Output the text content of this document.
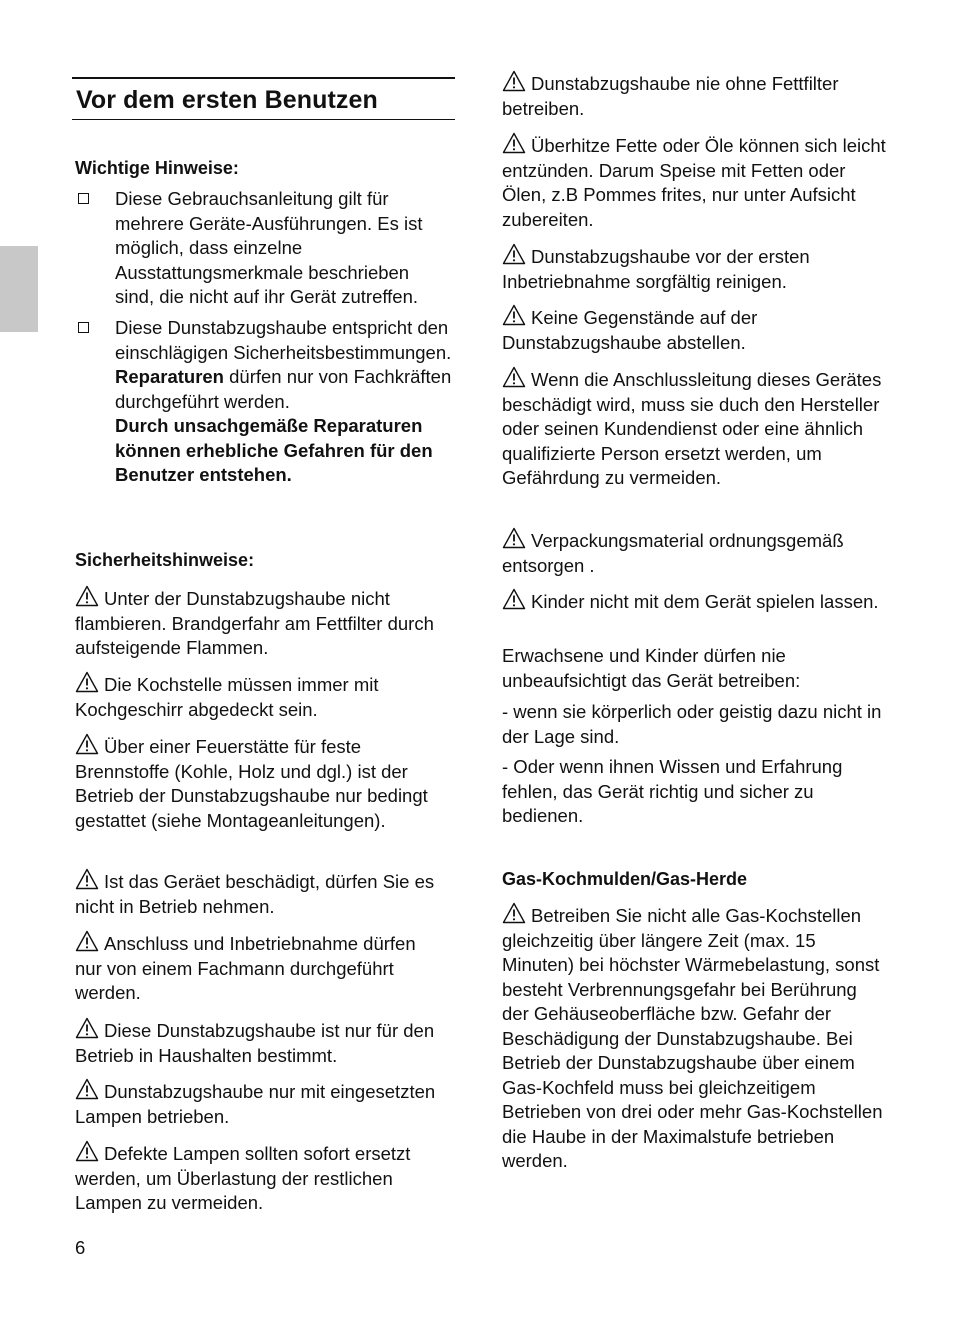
Vor dem ersten Benutzen
Wichtige Hinweise:
Diese Gebrauchsanleitung gilt für mehrere Geräte-Ausführungen. Es ist möglich, dass einzelne Ausstattungsmerkmale beschrieben sind, die nicht auf ihr Gerät zutreffen.
Diese Dunstabzugshaube entspricht den einschlägigen Sicherheitsbestimmungen.
Reparaturen dürfen nur von Fachkräften durchgeführt werden.
Durch unsachgemäße Reparaturen können erhebliche Gefahren für den Benutzer entstehen.
Sicherheitshinweise:
Unter der Dunstabzugshaube nicht flambieren. Brandgerfahr am Fettfilter durch aufsteigende Flammen.
Die Kochstelle müssen immer mit Kochgeschirr abgedeckt sein.
Über einer Feuerstätte für feste Brennstoffe (Kohle, Holz und dgl.) ist der Betrieb der Dunstabzugshaube nur bedingt gestattet (siehe Montageanleitungen).
Ist das Geräet beschädigt, dürfen Sie es nicht in Betrieb nehmen.
Anschluss und Inbetriebnahme dürfen nur von einem Fachmann durchgeführt werden.
Diese Dunstabzugshaube ist nur für den Betrieb in Haushalten bestimmt.
Dunstabzugshaube nur mit eingesetzten Lampen betrieben.
Defekte Lampen sollten sofort ersetzt werden, um Überlastung der restlichen Lampen zu vermeiden.
Dunstabzugshaube nie ohne Fettfilter betreiben.
Überhitze Fette oder Öle können sich leicht entzünden. Darum Speise mit Fetten oder Ölen, z.B Pommes frites, nur unter Aufsicht zubereiten.
Dunstabzugshaube vor der ersten Inbetriebnahme sorgfältig reinigen.
Keine Gegenstände auf der Dunstabzugshaube abstellen.
Wenn die Anschlussleitung dieses Gerätes beschädigt wird, muss sie duch den Hersteller oder seinen Kundendienst oder eine ähnlich qualifizierte Person ersetzt werden, um Gefährdung zu vermeiden.
Verpackungsmaterial ordnungsgemäß entsorgen .
Kinder nicht mit dem Gerät spielen lassen.
Erwachsene und Kinder dürfen nie unbeaufsichtigt das Gerät betreiben:
- wenn sie körperlich oder geistig dazu nicht in der Lage sind.
- Oder wenn ihnen Wissen und Erfahrung fehlen, das Gerät richtig und sicher zu bedienen.
Gas-Kochmulden/Gas-Herde
Betreiben Sie nicht alle Gas-Kochstellen gleichzeitig über längere Zeit (max. 15 Minuten) bei höchster Wärmebelastung, sonst besteht Verbrennungsgefahr bei Berührung der Gehäuseoberfläche bzw. Gefahr der Beschädigung der Dunstabzugshaube. Bei Betrieb der Dunstabzugshaube über einem Gas-Kochfeld muss bei gleichzeitigem Betrieben von drei oder mehr Gas-Kochstellen die Haube in der Maximalstufe betrieben werden.
6
